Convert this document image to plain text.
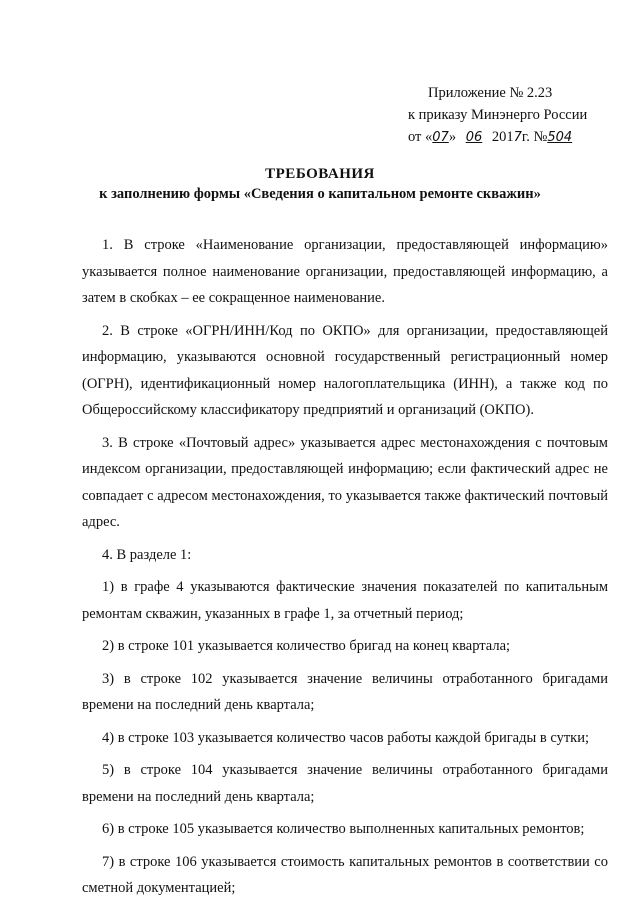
Приложение № 2.23
к приказу Минэнерго России
от «07» 06 2017г. №504
ТРЕБОВАНИЯ
к заполнению формы «Сведения о капитальном ремонте скважин»

1. В строке «Наименование организации, предоставляющей информацию» указывается полное наименование организации, предоставляющей информацию, а затем в скобках – ее сокращенное наименование.

2. В строке «ОГРН/ИНН/Код по ОКПО» для организации, предоставляющей информацию, указываются основной государственный регистрационный номер (ОГРН), идентификационный номер налогоплательщика (ИНН), а также код по Общероссийскому классификатору предприятий и организаций (ОКПО).

3. В строке «Почтовый адрес» указывается адрес местонахождения с почтовым индексом организации, предоставляющей информацию; если фактический адрес не совпадает с адресом местонахождения, то указывается также фактический почтовый адрес.

4. В разделе 1:

1) в графе 4 указываются фактические значения показателей по капитальным ремонтам скважин, указанных в графе 1, за отчетный период;

2) в строке 101 указывается количество бригад на конец квартала;

3) в строке 102 указывается значение величины отработанного бригадами времени на последний день квартала;

4) в строке 103 указывается количество часов работы каждой бригады в сутки;

5) в строке 104 указывается значение величины отработанного бригадами времени на последний день квартала;

6) в строке 105 указывается количество выполненных капитальных ремонтов;

7) в строке 106 указывается стоимость капитальных ремонтов в соответствии со сметной документацией;
